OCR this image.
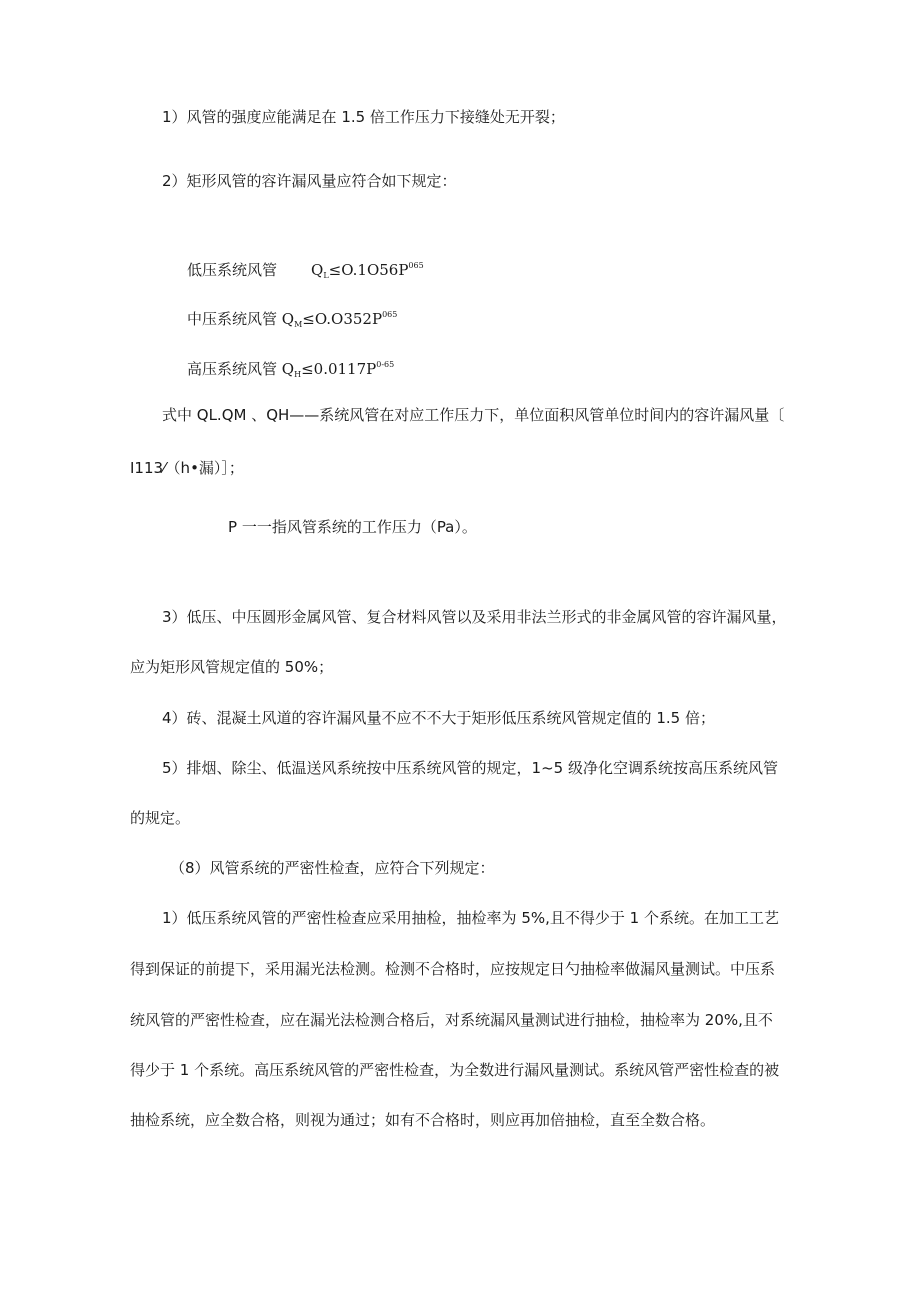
1）风管的强度应能满足在 1.5 倍工作压力下接缝处无开裂；
2）矩形风管的容许漏风量应符合如下规定：
低压系统风管 $Q_L\le O.1O56P^{065}$
中压系统风管 $Q_M\le O.O352P^{065}$
高压系统风管 $Q_H\le 0.0117P^{0-65}$
式中 QL.QM 、QH——系统风管在对应工作压力下，单位面积风管单位时间内的容许漏风量〔
I113⁄（h•漏）］；
P 一一指风管系统的工作压力（Pa）。
3）低压、中压圆形金属风管、复合材料风管以及采用非法兰形式的非金属风管的容许漏风量，
应为矩形风管规定值的 50%；
4）砖、混凝土风道的容许漏风量不应不不大于矩形低压系统风管规定值的 1.5 倍；
5）排烟、除尘、低温送风系统按中压系统风管的规定，1~5 级净化空调系统按高压系统风管
的规定。
（8）风管系统的严密性检查，应符合下列规定：
1）低压系统风管的严密性检查应采用抽检，抽检率为 5%,且不得少于 1 个系统。在加工工艺
得到保证的前提下，采用漏光法检测。检测不合格时，应按规定日勺抽检率做漏风量测试。中压系
统风管的严密性检查，应在漏光法检测合格后，对系统漏风量测试进行抽检，抽检率为 20%,且不
得少于 1 个系统。高压系统风管的严密性检查，为全数进行漏风量测试。系统风管严密性检查的被
抽检系统，应全数合格，则视为通过；如有不合格时，则应再加倍抽检，直至全数合格。
